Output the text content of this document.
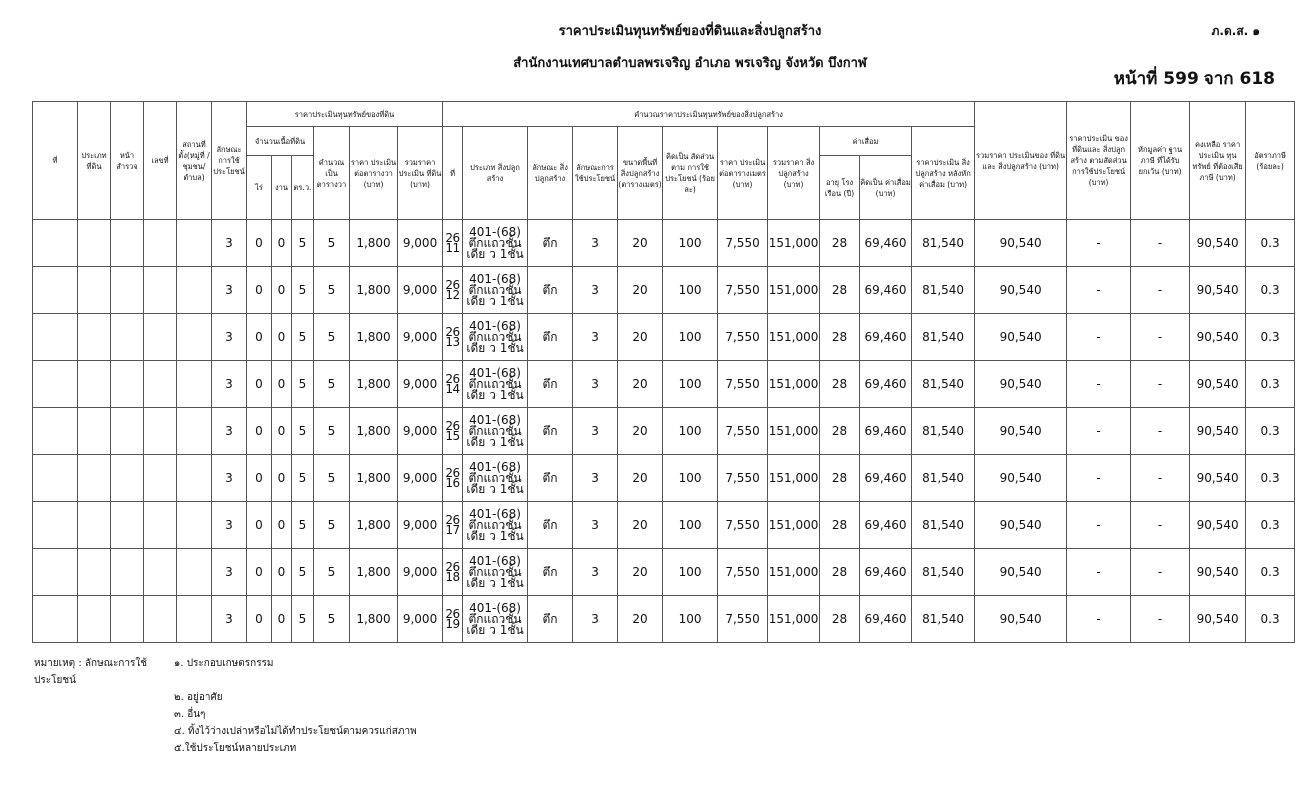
ราคาประเมินทุนทรัพย์ของที่ดินและสิ่งปลูกสร้าง
สำนักงานเทศบาลตำบลพรเจริญ อำเภอ พรเจริญ จังหวัด บึงกาฬ
ภ.ด.ส. ๑
หน้าที่ 599 จาก 618
ที่	ประเภท ที่ดิน	หน้า สำรวจ	เลขที่	สถานที่ ตั้ง(หมู่ที่ /ชุมชน/ ตำบล)	ลักษณะ การใช้ ประโยชน์	ราคาประเมินทุนทรัพย์ของที่ดิน						คำนวณราคาประเมินทุนทรัพย์ของสิ่งปลูกสร้าง											รวมราคา ประเมินของ ที่ดินและ สิ่งปลูกสร้าง (บาท)	ราคาประเมิน ของที่ดินและ สิ่งปลูกสร้าง ตามสัดส่วน การใช้ประโยชน์ (บาท)	หักมูลค่า ฐานภาษี ที่ได้รับ ยกเว้น (บาท)	คงเหลือ ราคาประเมิน ทุนทรัพย์ ที่ต้องเสียภาษี (บาท)	อัตราภาษี (ร้อยละ)
						จำนวนเนื้อที่ดิน			คำนวณ เป็น ตารางวา	ราคา ประเมิน ต่อตารางวา (บาท)	รวมราคา ประเมิน ที่ดิน (บาท)	ที่	ประเภท สิ่งปลูกสร้าง	ลักษณะ สิ่งปลูกสร้าง	ลักษณะการ ใช้ประโยชน์	ขนาดพื้นที่ สิ่งปลูกสร้าง (ตารางเมตร)	คิดเป็น สัดส่วนตาม การใช้ ประโยชน์ (ร้อยละ)	ราคา ประเมิน ต่อตารางเมตร (บาท)	รวมราคา สิ่งปลูกสร้าง (บาท)	ค่าเสื่อม		ราคาประเมิน สิ่งปลูกสร้าง หลังหัก ค่าเสื่อม (บาท)					
						ไร่	งาน	ตร.ว.												อายุ โรงเรือน (ปี)	คิดเป็น ค่าเสื่อม (บาท)						
					3	0	0	5	5	1,800	9,000	26 11	401-(68) ตึกแถวชั้นเดีย ว 1ชั้น	ตึก	3	20	100	7,550	151,000	28	69,460	81,540	90,540	-	-	90,540	0.3
					3	0	0	5	5	1,800	9,000	26 12	401-(68) ตึกแถวชั้นเดีย ว 1ชั้น	ตึก	3	20	100	7,550	151,000	28	69,460	81,540	90,540	-	-	90,540	0.3
					3	0	0	5	5	1,800	9,000	26 13	401-(68) ตึกแถวชั้นเดีย ว 1ชั้น	ตึก	3	20	100	7,550	151,000	28	69,460	81,540	90,540	-	-	90,540	0.3
					3	0	0	5	5	1,800	9,000	26 14	401-(68) ตึกแถวชั้นเดีย ว 1ชั้น	ตึก	3	20	100	7,550	151,000	28	69,460	81,540	90,540	-	-	90,540	0.3
					3	0	0	5	5	1,800	9,000	26 15	401-(68) ตึกแถวชั้นเดีย ว 1ชั้น	ตึก	3	20	100	7,550	151,000	28	69,460	81,540	90,540	-	-	90,540	0.3
					3	0	0	5	5	1,800	9,000	26 16	401-(68) ตึกแถวชั้นเดีย ว 1ชั้น	ตึก	3	20	100	7,550	151,000	28	69,460	81,540	90,540	-	-	90,540	0.3
					3	0	0	5	5	1,800	9,000	26 17	401-(68) ตึกแถวชั้นเดีย ว 1ชั้น	ตึก	3	20	100	7,550	151,000	28	69,460	81,540	90,540	-	-	90,540	0.3
					3	0	0	5	5	1,800	9,000	26 18	401-(68) ตึกแถวชั้นเดีย ว 1ชั้น	ตึก	3	20	100	7,550	151,000	28	69,460	81,540	90,540	-	-	90,540	0.3
					3	0	0	5	5	1,800	9,000	26 19	401-(68) ตึกแถวชั้นเดีย ว 1ชั้น	ตึก	3	20	100	7,550	151,000	28	69,460	81,540	90,540	-	-	90,540	0.3
หมายเหตุ : ลักษณะการใช้ประโยชน์
๑. ประกอบเกษตรกรรม
๒. อยู่อาศัย
๓. อื่นๆ
๔. ทิ้งไว้ว่างเปล่าหรือไม่ได้ทำประโยชน์ตามควรแก่สภาพ
๕.ใช้ประโยชน์หลายประเภท
